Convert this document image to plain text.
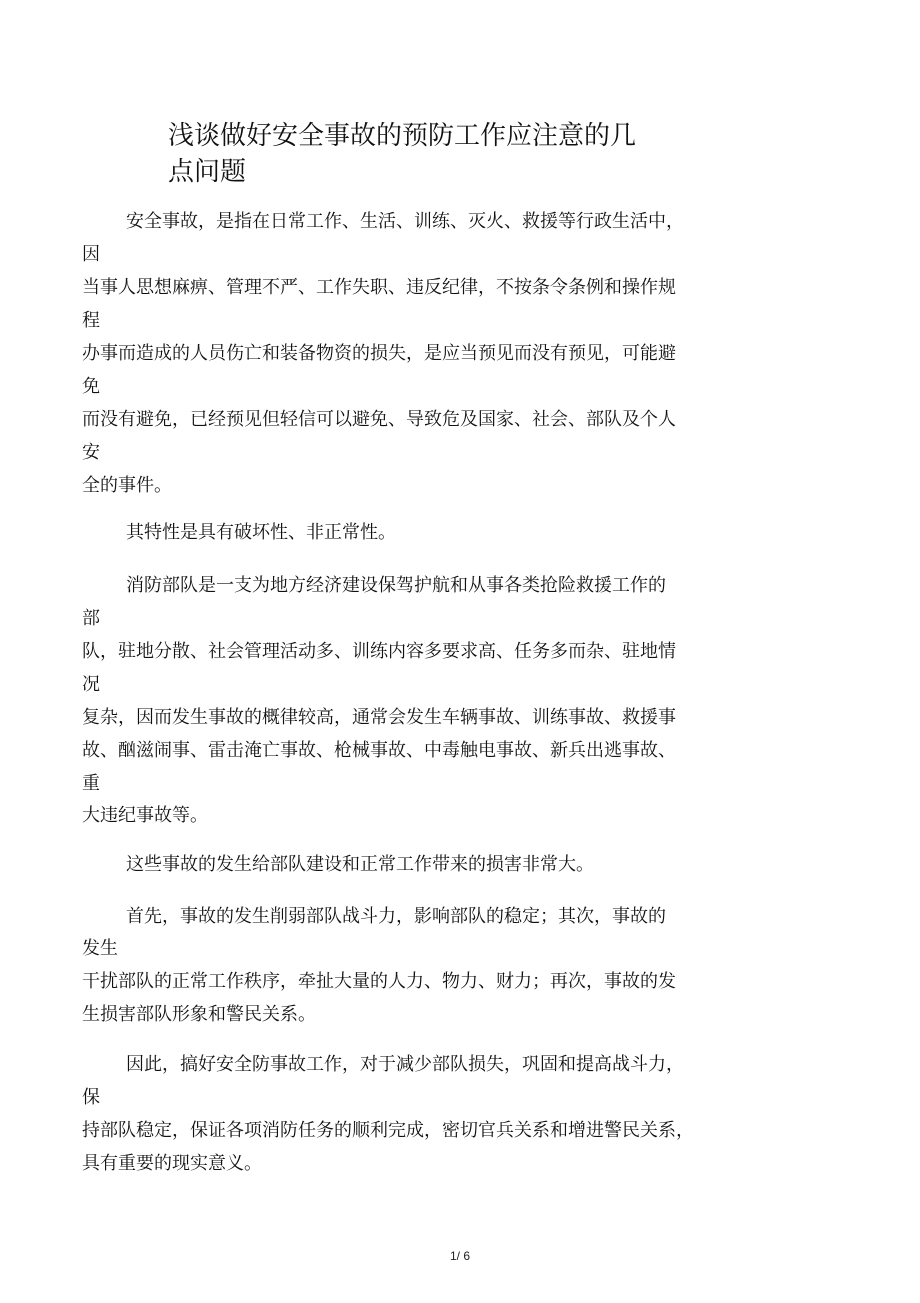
浅谈做好安全事故的预防工作应注意的几
点问题
安全事故，是指在日常工作、生活、训练、灭火、救援等行政生活中，
因
当事人思想麻痹、管理不严、工作失职、违反纪律，不按条令条例和操作规
程
办事而造成的人员伤亡和装备物资的损失，是应当预见而没有预见，可能避
免
而没有避免，已经预见但轻信可以避免、导致危及国家、社会、部队及个人
安
全的事件。
其特性是具有破坏性、非正常性。
消防部队是一支为地方经济建设保驾护航和从事各类抢险救援工作的
部
队，驻地分散、社会管理活动多、训练内容多要求高、任务多而杂、驻地情
况
复杂，因而发生事故的概律较高，通常会发生车辆事故、训练事故、救援事
故、酗滋闹事、雷击淹亡事故、枪械事故、中毒触电事故、新兵出逃事故、
重
大违纪事故等。
这些事故的发生给部队建设和正常工作带来的损害非常大。
首先，事故的发生削弱部队战斗力，影响部队的稳定；其次，事故的
发生
干扰部队的正常工作秩序，牵扯大量的人力、物力、财力；再次，事故的发
生损害部队形象和警民关系。
因此，搞好安全防事故工作，对于减少部队损失，巩固和提高战斗力，
保
持部队稳定，保证各项消防任务的顺利完成，密切官兵关系和增进警民关系，
具有重要的现实意义。
1/ 6
